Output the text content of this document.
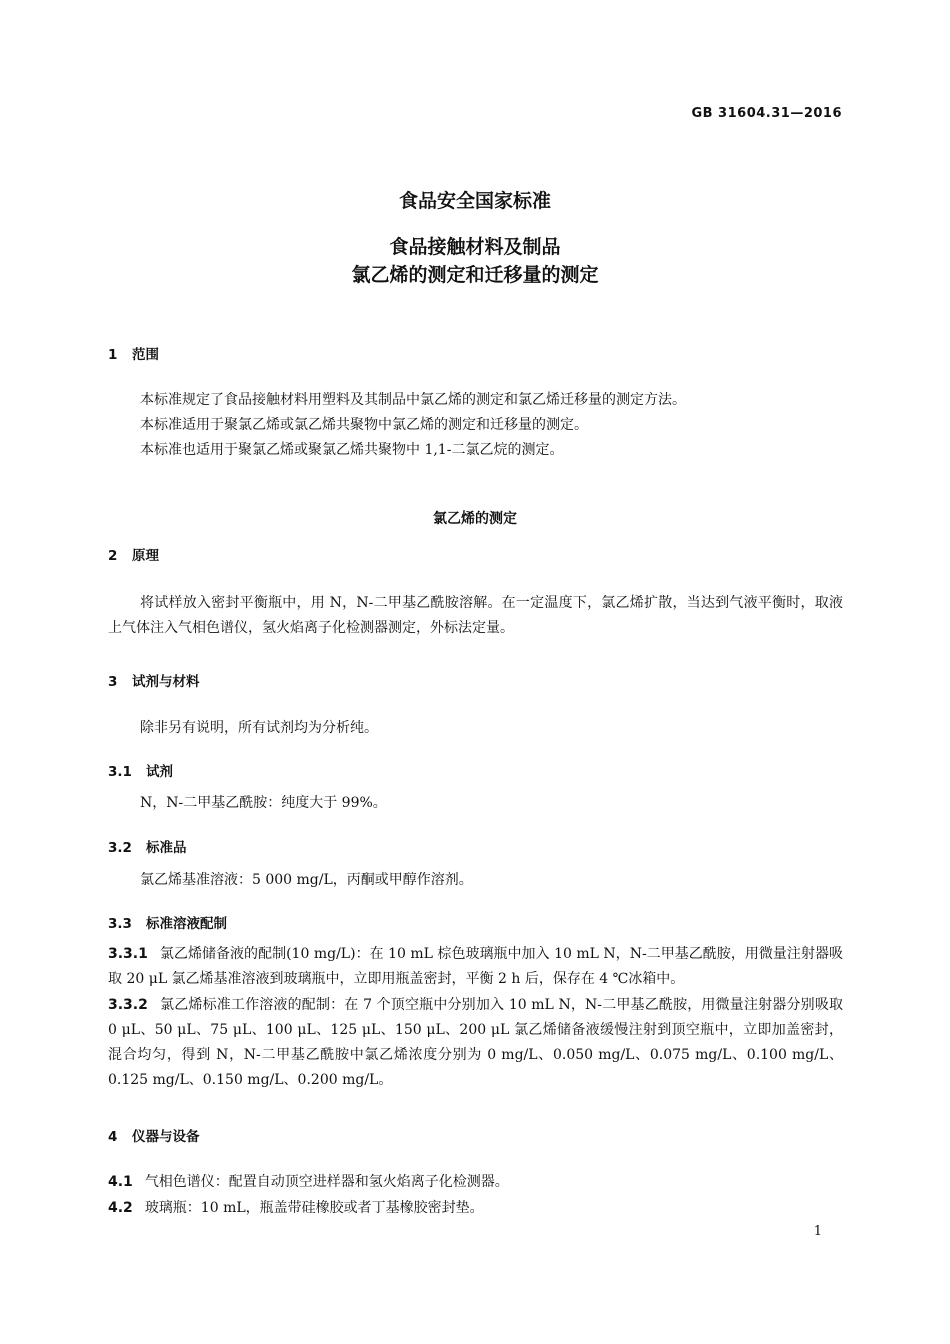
GB 31604.31—2016
食品安全国家标准
食品接触材料及制品
氯乙烯的测定和迁移量的测定
1 范围
本标准规定了食品接触材料用塑料及其制品中氯乙烯的测定和氯乙烯迁移量的测定方法。
本标准适用于聚氯乙烯或氯乙烯共聚物中氯乙烯的测定和迁移量的测定。
本标准也适用于聚氯乙烯或聚氯乙烯共聚物中 1,1-二氯乙烷的测定。
氯乙烯的测定
2 原理
将试样放入密封平衡瓶中，用 N，N-二甲基乙酰胺溶解。在一定温度下，氯乙烯扩散，当达到气液平衡时，取液上气体注入气相色谱仪，氢火焰离子化检测器测定，外标法定量。
3 试剂与材料
除非另有说明，所有试剂均为分析纯。
3.1 试剂
N，N-二甲基乙酰胺：纯度大于 99%。
3.2 标准品
氯乙烯基准溶液：5 000 mg/L，丙酮或甲醇作溶剂。
3.3 标准溶液配制
3.3.1 氯乙烯储备液的配制(10 mg/L)：在 10 mL 棕色玻璃瓶中加入 10 mL N，N-二甲基乙酰胺，用微量注射器吸取 20 μL 氯乙烯基准溶液到玻璃瓶中，立即用瓶盖密封，平衡 2 h 后，保存在 4 ℃冰箱中。
3.3.2 氯乙烯标准工作溶液的配制：在 7 个顶空瓶中分别加入 10 mL N，N-二甲基乙酰胺，用微量注射器分别吸取 0 μL、50 μL、75 μL、100 μL、125 μL、150 μL、200 μL 氯乙烯储备液缓慢注射到顶空瓶中，立即加盖密封，混合均匀，得到 N，N-二甲基乙酰胺中氯乙烯浓度分别为 0 mg/L、0.050 mg/L、0.075 mg/L、0.100 mg/L、0.125 mg/L、0.150 mg/L、0.200 mg/L。
4 仪器与设备
4.1 气相色谱仪：配置自动顶空进样器和氢火焰离子化检测器。
4.2 玻璃瓶：10 mL，瓶盖带硅橡胶或者丁基橡胶密封垫。
1
